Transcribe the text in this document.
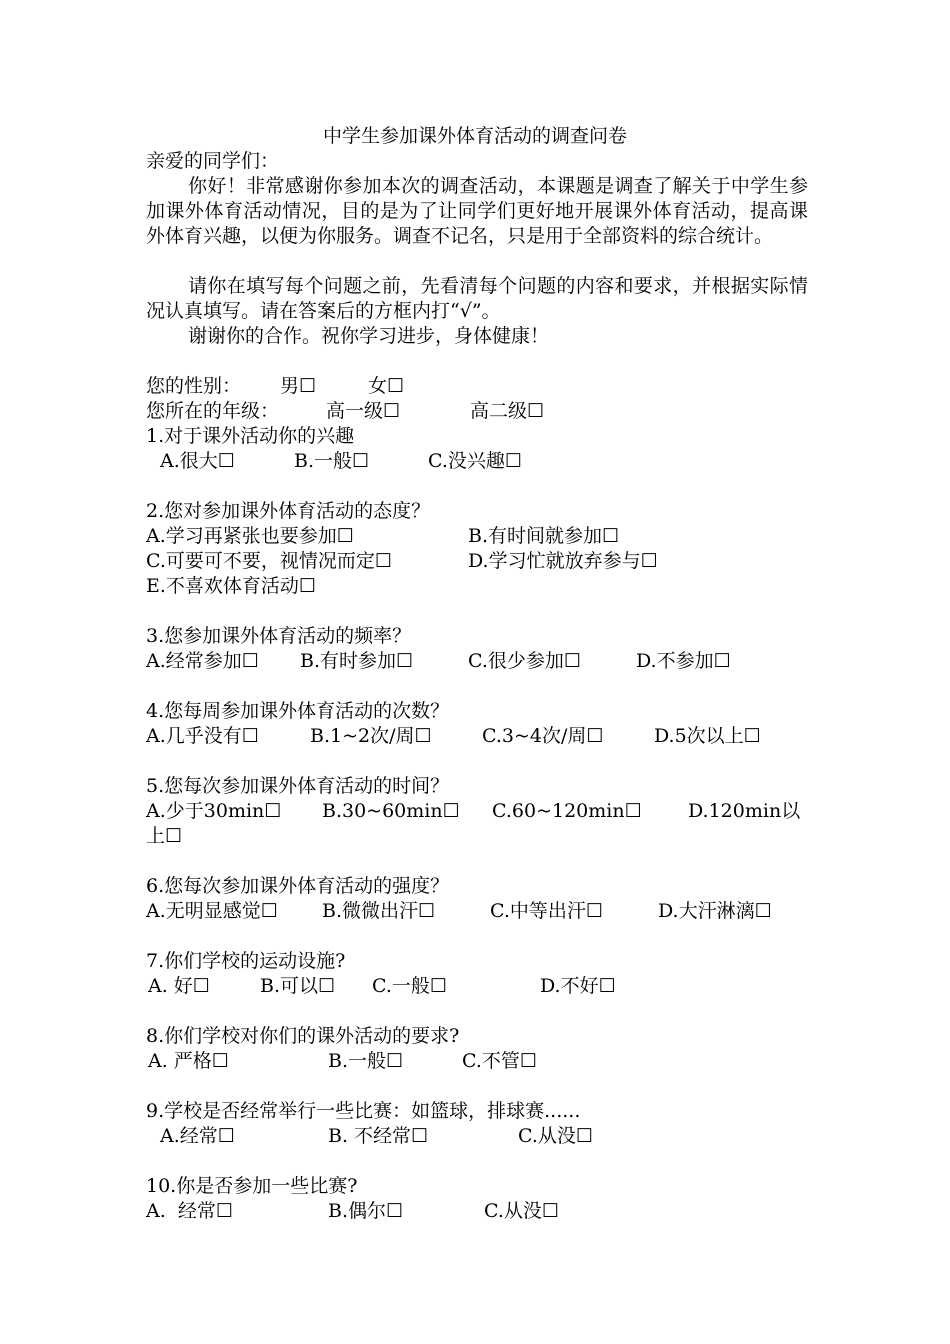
中学生参加课外体育活动的调查问卷
亲爱的同学们：
你好！非常感谢你参加本次的调查活动，本课题是调查了解关于中学生参加课外体育活动情况，目的是为了让同学们更好地开展课外体育活动，提高课外体育兴趣，以便为你服务。调查不记名，只是用于全部资料的综合统计。
请你在填写每个问题之前，先看清每个问题的内容和要求，并根据实际情况认真填写。请在答案后的方框内打“√”。
谢谢你的合作。祝你学习进步，身体健康！
您的性别： 男☐	女☐
您所在的年级： 高一级☐	高二级☐
1.对于课外活动你的兴趣
A.很大☐	B.一般☐	C.没兴趣☐
2.您对参加课外体育活动的态度？
A.学习再紧张也要参加☐	B.有时间就参加☐
C.可要可不要，视情况而定☐	D.学习忙就放弃参与☐
E.不喜欢体育活动☐
3.您参加课外体育活动的频率？
A.经常参加☐ B.有时参加☐	C.很少参加☐	D.不参加☐
4.您每周参加课外体育活动的次数？
A.几乎没有☐	B.1~2次/周☐	C.3~4次/周☐	D.5次以上☐
5.您每次参加课外体育活动的时间？
A.少于30min☐ B.30~60min☐ C.60~120min☐ D.120min以
上☐
6.您每次参加课外体育活动的强度？
A.无明显感觉☐ B.微微出汗☐	C.中等出汗☐	D.大汗淋漓☐
7.你们学校的运动设施?
A. 好☐	B.可以☐ C.一般☐	D.不好☐
8.你们学校对你们的课外活动的要求?
A. 严格☐	B.一般☐	C.不管☐
9.学校是否经常举行一些比赛：如篮球，排球赛......
A.经常☐	B. 不经常☐	C.从没☐
10.你是否参加一些比赛?
A.  经常☐	B.偶尔☐	C.从没☐
